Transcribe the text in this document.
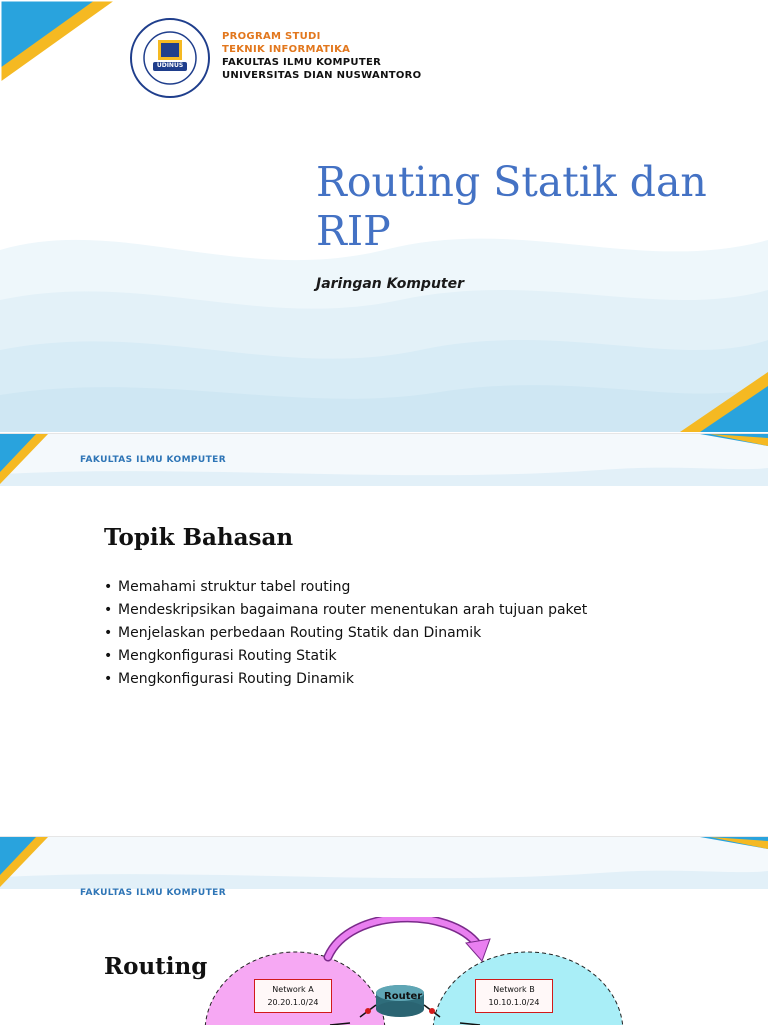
UDINUS
PROGRAM STUDI
TEKNIK INFORMATIKA
FAKULTAS ILMU KOMPUTER
UNIVERSITAS DIAN NUSWANTORO
Routing Statik dan RIP
Jaringan Komputer
FAKULTAS ILMU KOMPUTER
Topik Bahasan
• Memahami struktur tabel routing
• Mendeskripsikan bagaimana router menentukan arah tujuan paket
• Menjelaskan perbedaan Routing Statik dan Dinamik
• Mengkonfigurasi Routing Statik
• Mengkonfigurasi Routing Dinamik
FAKULTAS ILMU KOMPUTER
Routing
Router
Network A
20.20.1.0/24
Network B
10.10.1.0/24
